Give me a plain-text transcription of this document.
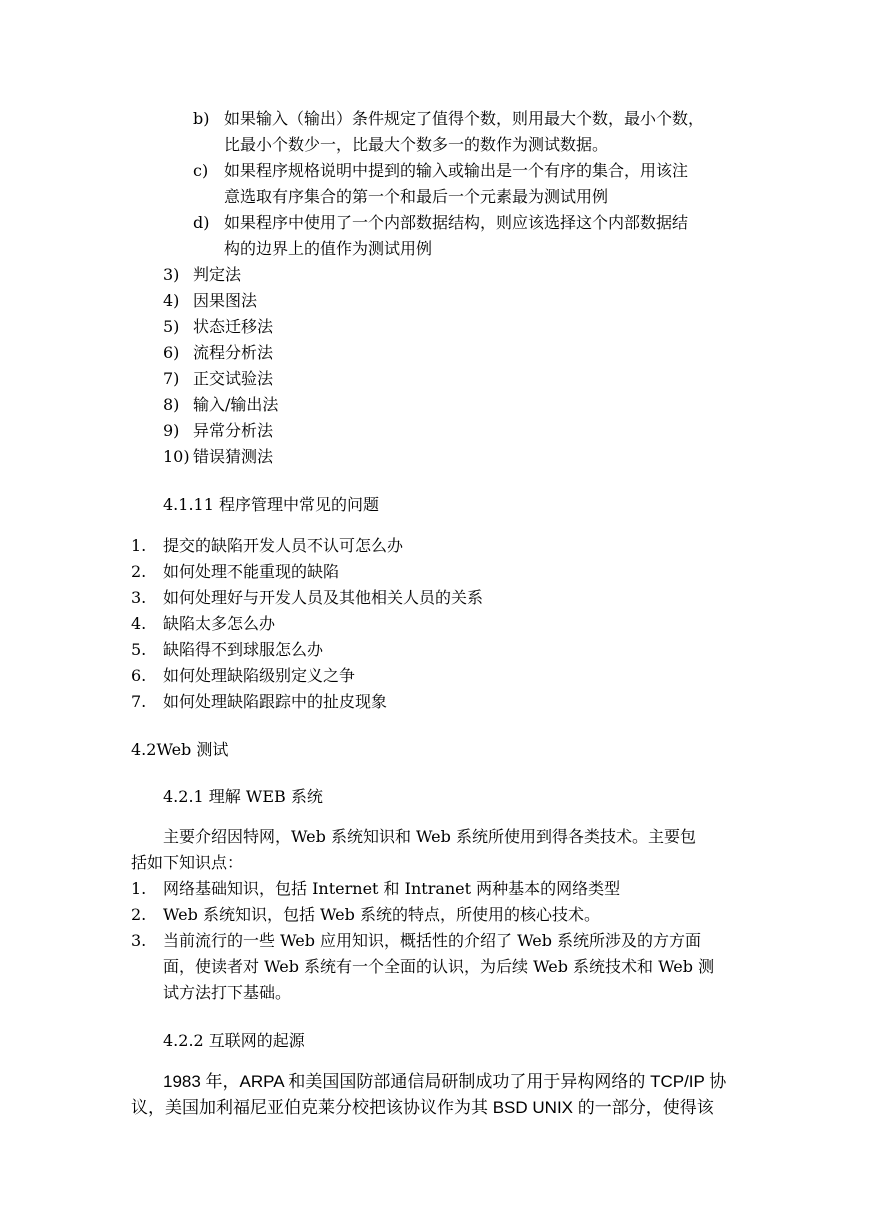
b) 如果输入（输出）条件规定了值得个数，则用最大个数，最小个数，
比最小个数少一，比最大个数多一的数作为测试数据。
c) 如果程序规格说明中提到的输入或输出是一个有序的集合，用该注
意选取有序集合的第一个和最后一个元素最为测试用例
d) 如果程序中使用了一个内部数据结构，则应该选择这个内部数据结
构的边界上的值作为测试用例
3) 判定法
4) 因果图法
5) 状态迁移法
6) 流程分析法
7) 正交试验法
8) 输入/输出法
9) 异常分析法
10) 错误猜测法
4.1.11 程序管理中常见的问题
1. 提交的缺陷开发人员不认可怎么办
2. 如何处理不能重现的缺陷
3. 如何处理好与开发人员及其他相关人员的关系
4. 缺陷太多怎么办
5. 缺陷得不到球服怎么办
6. 如何处理缺陷级别定义之争
7. 如何处理缺陷跟踪中的扯皮现象
4.2Web 测试
4.2.1 理解 WEB 系统
主要介绍因特网，Web 系统知识和 Web 系统所使用到得各类技术。主要包
括如下知识点：
1. 网络基础知识，包括 Internet 和 Intranet 两种基本的网络类型
2. Web 系统知识，包括 Web 系统的特点，所使用的核心技术。
3. 当前流行的一些 Web 应用知识，概括性的介绍了 Web 系统所涉及的方方面
面，使读者对 Web 系统有一个全面的认识，为后续 Web 系统技术和 Web 测
试方法打下基础。
4.2.2 互联网的起源
1983 年，ARPA 和美国国防部通信局研制成功了用于异构网络的 TCP/IP 协
议，美国加利福尼亚伯克莱分校把该协议作为其 BSD UNIX 的一部分，使得该
